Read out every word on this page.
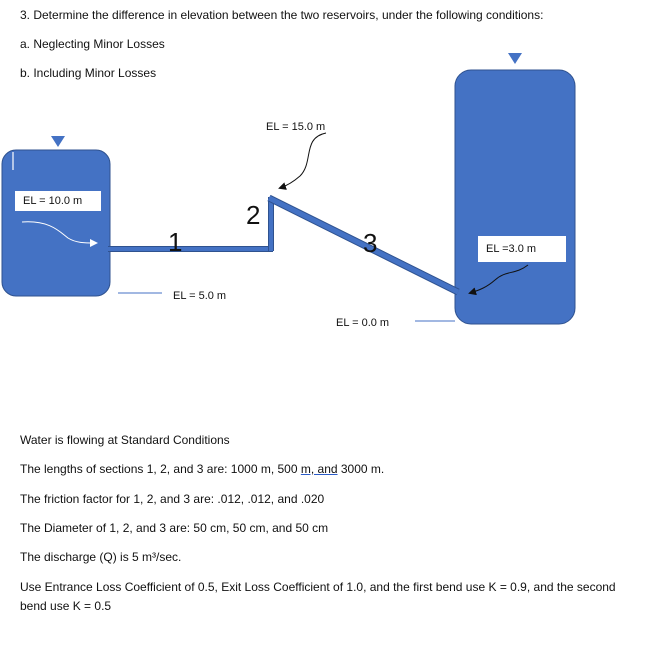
3. Determine the difference in elevation between the two reservoirs, under the following conditions:
a. Neglecting Minor Losses
b. Including Minor Losses
EL = 10.0 m
EL =3.0 m
EL = 15.0 m
EL = 5.0 m
EL = 0.0 m
1
2
3
Water is flowing at Standard Conditions
The lengths of sections 1, 2, and 3 are: 1000 m, 500 m, and 3000 m.
The friction factor for 1, 2, and 3 are: .012, .012, and .020
The Diameter of 1, 2, and 3 are: 50 cm, 50 cm, and 50 cm
The discharge (Q) is 5 m³/sec.
Use Entrance Loss Coefficient of 0.5, Exit Loss Coefficient of 1.0, and the first bend use K = 0.9, and the second
bend use K = 0.5
